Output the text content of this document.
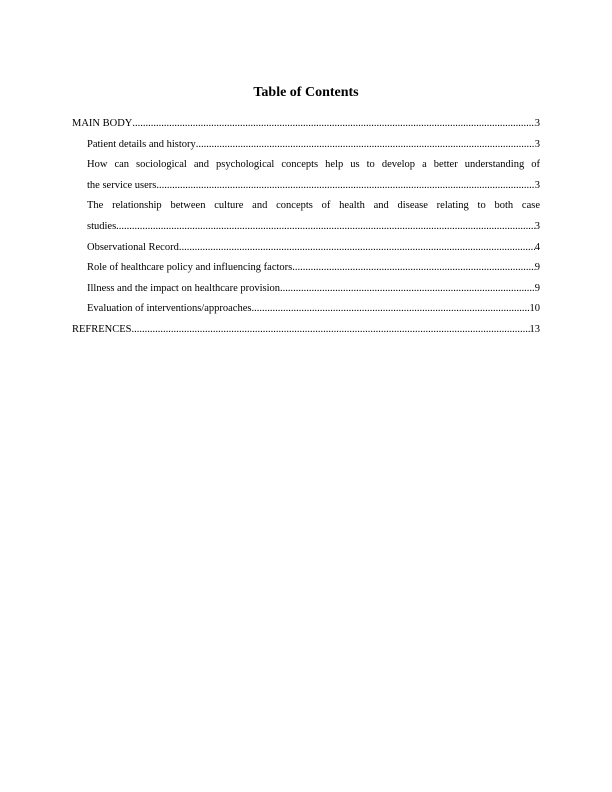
Table of Contents
MAIN BODY .....	3
Patient details and history .....	3
How can sociological and psychological concepts help us to develop a better understanding of
the service users .....	3
The relationship between culture and concepts of health and disease relating to both case
studies .....	3
Observational Record .....	4
Role of healthcare policy and influencing factors .....	9
Illness and the impact on healthcare provision .....	9
Evaluation of interventions/approaches .....	10
REFRENCES .....	13
